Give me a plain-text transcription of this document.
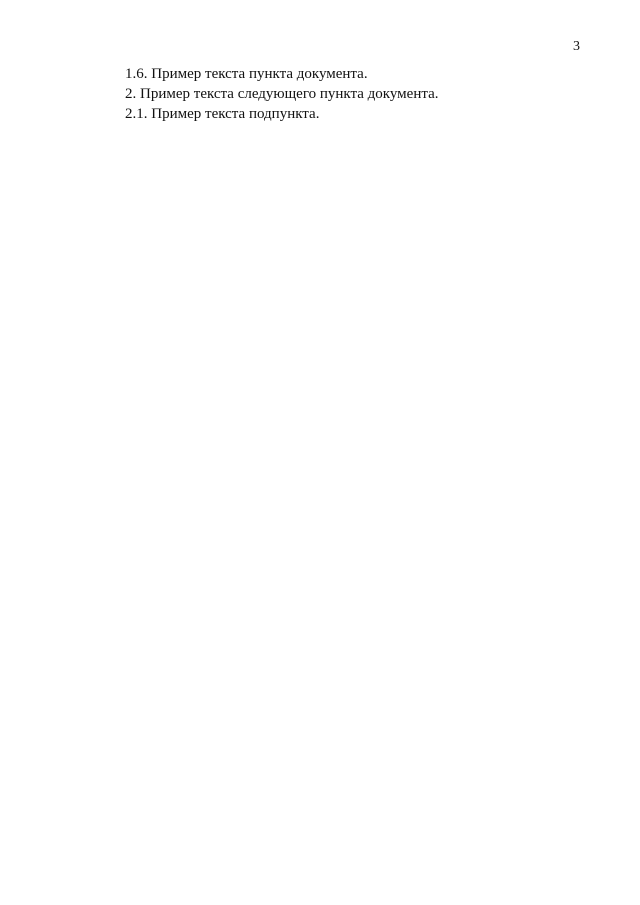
3

1.6. Пример текста пункта документа.

2. Пример текста следующего пункта документа.

2.1. Пример текста подпункта.
